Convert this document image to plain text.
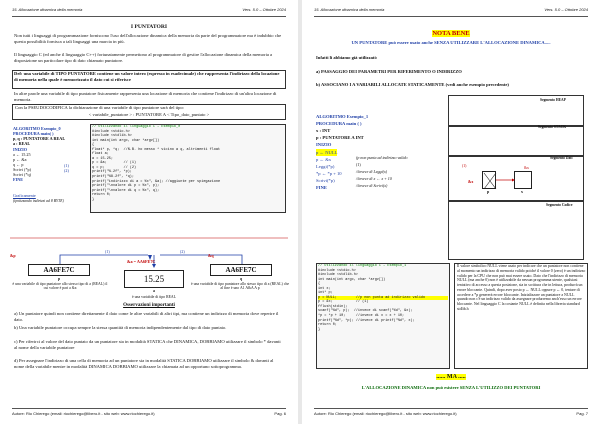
15. Allocazione dinamica della memoria	Vers. 5.0 – Ottobre 2024
I PUNTATORI
Non tutti i linguaggi di programmazione forniscono l'uso dell'allocazione dinamica della memoria da parte del programmatore ma è indubbio che questa possibilità fornisca a tali linguaggi una marcia in più.
Il linguaggio C (ed anche il linguaggio C++) fortunatamente permettono al programmatore di gestire l'allocazione dinamica della memoria a disposizione un particolare tipo di dato chiamato puntatore.
Def: una variabile di TIPO PUNTATORE contiene un valore intero (espresso in esadecimale) che rappresenta l'indirizzo della locazione di memoria nella quale è memorizzato il dato cui si riferisce
In altre parole una variabile di tipo puntatore fisicamente rappresenta una locazione di memoria che contiene l'indirizzo di un'altra locazione di memoria.
Con la PSEUDOCODIFICA la dichiarazione di una variabile di tipo puntatore sarà del tipo:
< variabile_puntatore > : PUNTATORE A < Tipo_dato_puntato >
ALGORITMO Esempio_0
PROCEDURA main( )
p, q : PUNTATORE A REAL
a : REAL
INIZIO
a ← 15.25
p ← &a
q ← p
Scrivi (*p)
Scrivi (*q)
FINE
(1)
(2)
Graficamente
(ipotizzando indirizzi ad 8 BYTE)
// Utilizzando il linguaggio C – Esempio_0
#include <stdio.h>
#include <stdlib.h>
int main(int argc, char *argv[])
{
float* p, *q;  //N.B. ho messo * vicino a q, altrimenti float
float a;
a = 15.25;
p = &a;        // (1)
q = p;         // (2)
printf("%.2f", *p);
printf("%8.2f", *q);
printf("indirizzo di a = %x", &a); //aggiunte per spiegazione
printf("\nvalore di p = %x", p);
printf("\nvalore di q = %x", q);
return 0;
}
&p
(1)	(2)
&a = AA6FE7C
&q
AA6FE7C
15.25
AA6FE7C
p
a
q
è una variabile di tipo puntatore allo stesso tipo di a (REAL) il cui valore è pari a &a
è una variabile di tipo REAL
è una variabile di tipo puntatore allo stesso tipo di a (REAL) che al fine è uno A1 A&A A p
Osservazioni importanti
a) Un puntatore quindi non contiene direttamente il dato come le altre variabili di altri tipi, ma contiene un indirizzo di memoria dove reperire il dato.
b) Una variabile puntatore occupa sempre la stessa quantità di memoria indipendentemente dal tipo di dato puntato.
c) Per riferirci al valore del dato puntato da un puntatore sta in modalità STATICA che DINAMICA, DOBBIAMO utilizzare il simbolo * davanti al nome della variabile puntatore
d) Per assegnare l'indirizzo di una cella di memoria ad un puntatore sia in modalità STATICA DOBBIAMO utilizzare il simbolo & davanti al nome della variabile mentre in modalità DINAMICA DOBBIAMO utilizzare la chiamata ad un opportuno sottoprogramma.
Autore: Rio Chierego (email: riochierego@libero.it - sito web: www.riochierego.it)	Pag. 6
15. Allocazione dinamica della memoria	Vers. 5.0 – Ottobre 2024
NOTA BENE
UN PUNTATORE può essere usato anche SENZA UTILIZZARE L'ALLOCAZIONE DINAMICA.....
Infatti li abbiamo già utilizzati:
a) PASSAGGIO DEI PARAMETRI PER RIFERIMENTO O INDIRIZZO
b) ASSOCIANO I A VARIABILI ALLOCATE STATICAMENTE (vedi anche esempio precedente)
ALGORITMO Esempio_1
PROCEDURA main ( )
x : INT
p : PUNTATORE A INT
INIZIO
p ← NULL
p ← &x
Leggi(*p)
*p ← *p + 10
Scrivi(*p)
FINE
(p non punta ad indirizzo valido
(1)
//invece di Leggi(x)
//invece di x ← x + 10
//invece di Scrivi(x)
Segmento HEAP
Segmento STACK
Segmento Dati
Segmento Codice
p	x
&x
&x
(1)
// Utilizzando il linguaggio C – Esempio_1
#include <stdio.h>
#include <stdlib.h>
int main(int argc, char *argv[])
{
int x;
int* p;
p = NULL;         //p non punta ad indirizzo valido
p = &x;           // (1)
fflush(stdin);
scanf("%d", p);  //invece di scanf("%d", &x);
*p = *p + 10;     //invece di x = x + 10;
printf("%d", *p); //invece di printf("%d", x);
return 0;
}
Il valore simbolico NULL viene usato per indicare che un puntatore non contiene al momento un indirizzo di memoria valido poiché il valore 0 (zero) è un indirizzo valido per la CPU che non può mai essere usato. Dato che l'indirizzo di memoria NULL (ma anche 0) non è utilizzabile da nessun programma utente, qualsiasi tentativo di accesso a questa posizione, sia in scrittura che in lettura, produrrà un errore bloccante. Quindi, dopo aver posto p ← NULL oppure p ← 0, tentare di accedere a *p genererà errore bloccante. Inizializzare un puntatore a NULL quando non c'è un indirizzo valido da assegnare produrremo anch'esso un errore bloccante. Nel linguaggio C la costante NULL è definita nella libreria standard stdlib.h
...... MA .....
L'ALLOCAZIONE DINAMICA non può esistere SENZA L'UTILIZZO DEI PUNTATORI
Autore: Rio Chierego (email: riochierego@libero.it - sito web: www.riochierego.it)	Pag. 7
